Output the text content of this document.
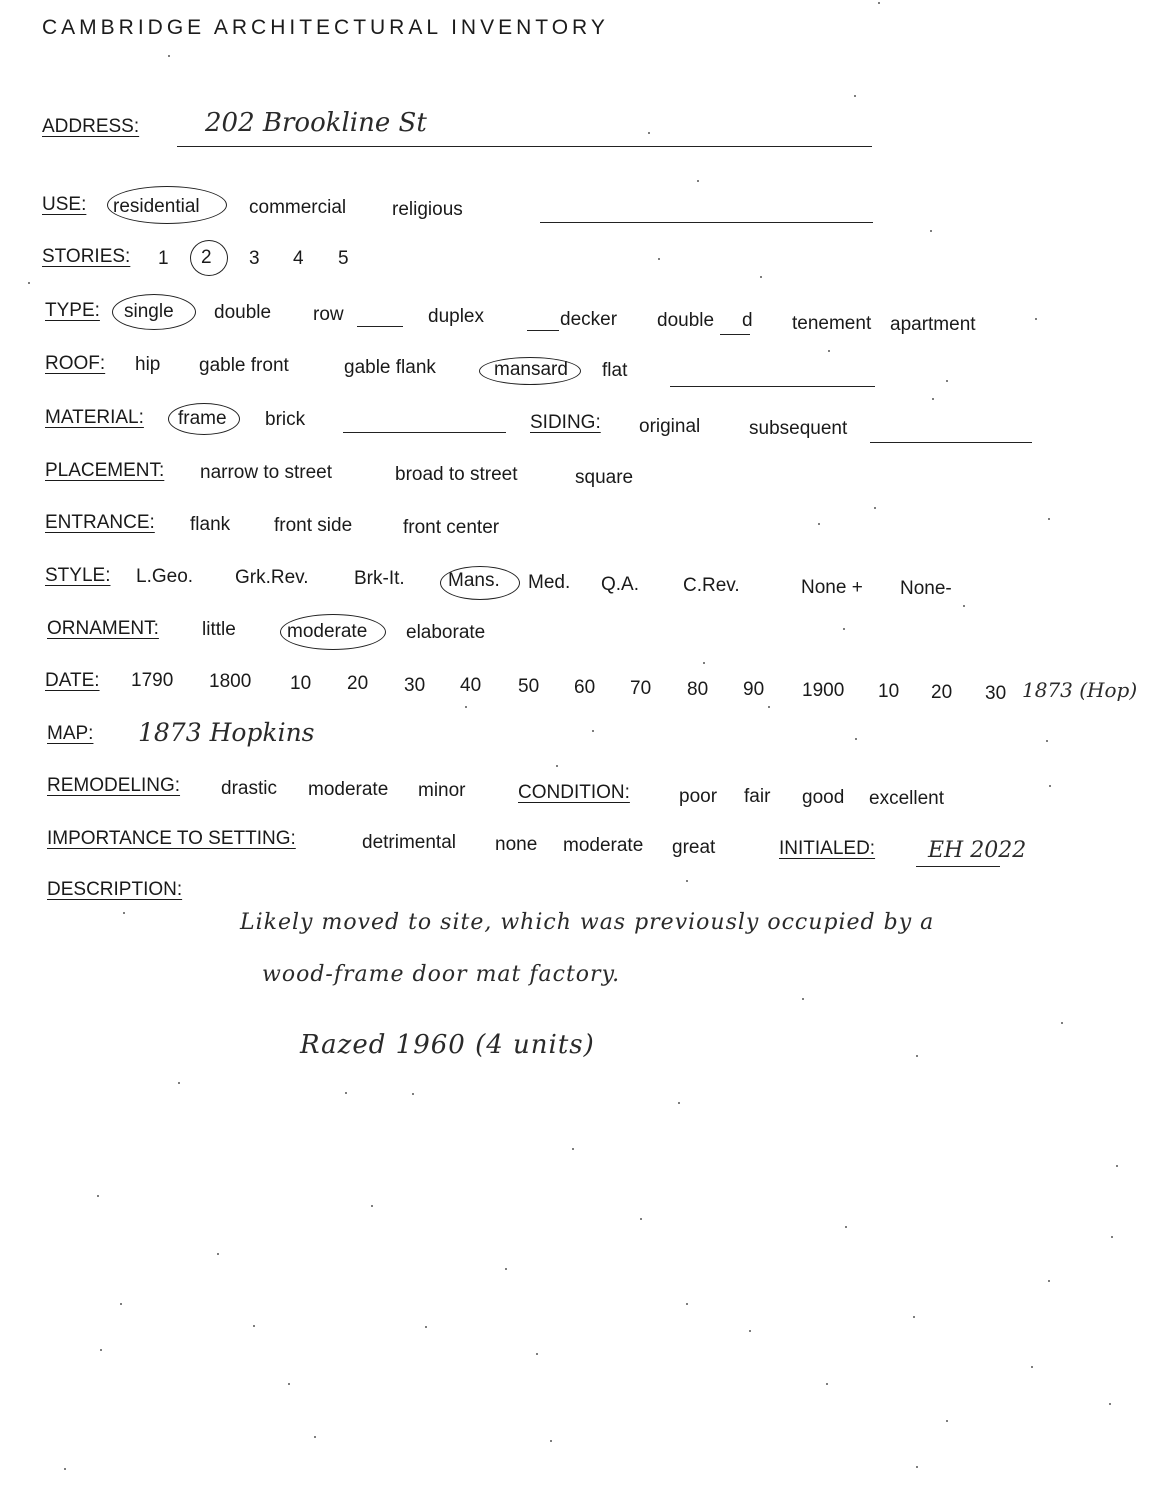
CAMBRIDGE ARCHITECTURAL INVENTORY
ADDRESS:	202 Brookline St
USE: residential	commercial religious
STORIES: 1 2 3 4 5
TYPE: single double row	duplex	decker double d tenement apartment
ROOF: hip gable front	gable flank	mansard flat
MATERIAL: frame brick	SIDING: original	subsequent
PLACEMENT: narrow to street	broad to street	square
ENTRANCE: flank front side	front center
STYLE: L.Geo. Grk.Rev. Brk-It. Mans. Med. Q.A. C.Rev.	None + None-
ORNAMENT: little	moderate elaborate
DATE: 1790 1800 10 20 30 40 50 60 70 80 90 1900 10 20 30 1873 (Hop)
MAP: 1873 Hopkins
REMODELING: drastic moderate minor	CONDITION:	poor fair good excellent
IMPORTANCE TO SETTING:	detrimental none moderate great	INITIALED: EH 2022
DESCRIPTION:
Likely moved to site, which was previously occupied by a
wood-frame door mat factory.
Razed 1960 (4 units)
